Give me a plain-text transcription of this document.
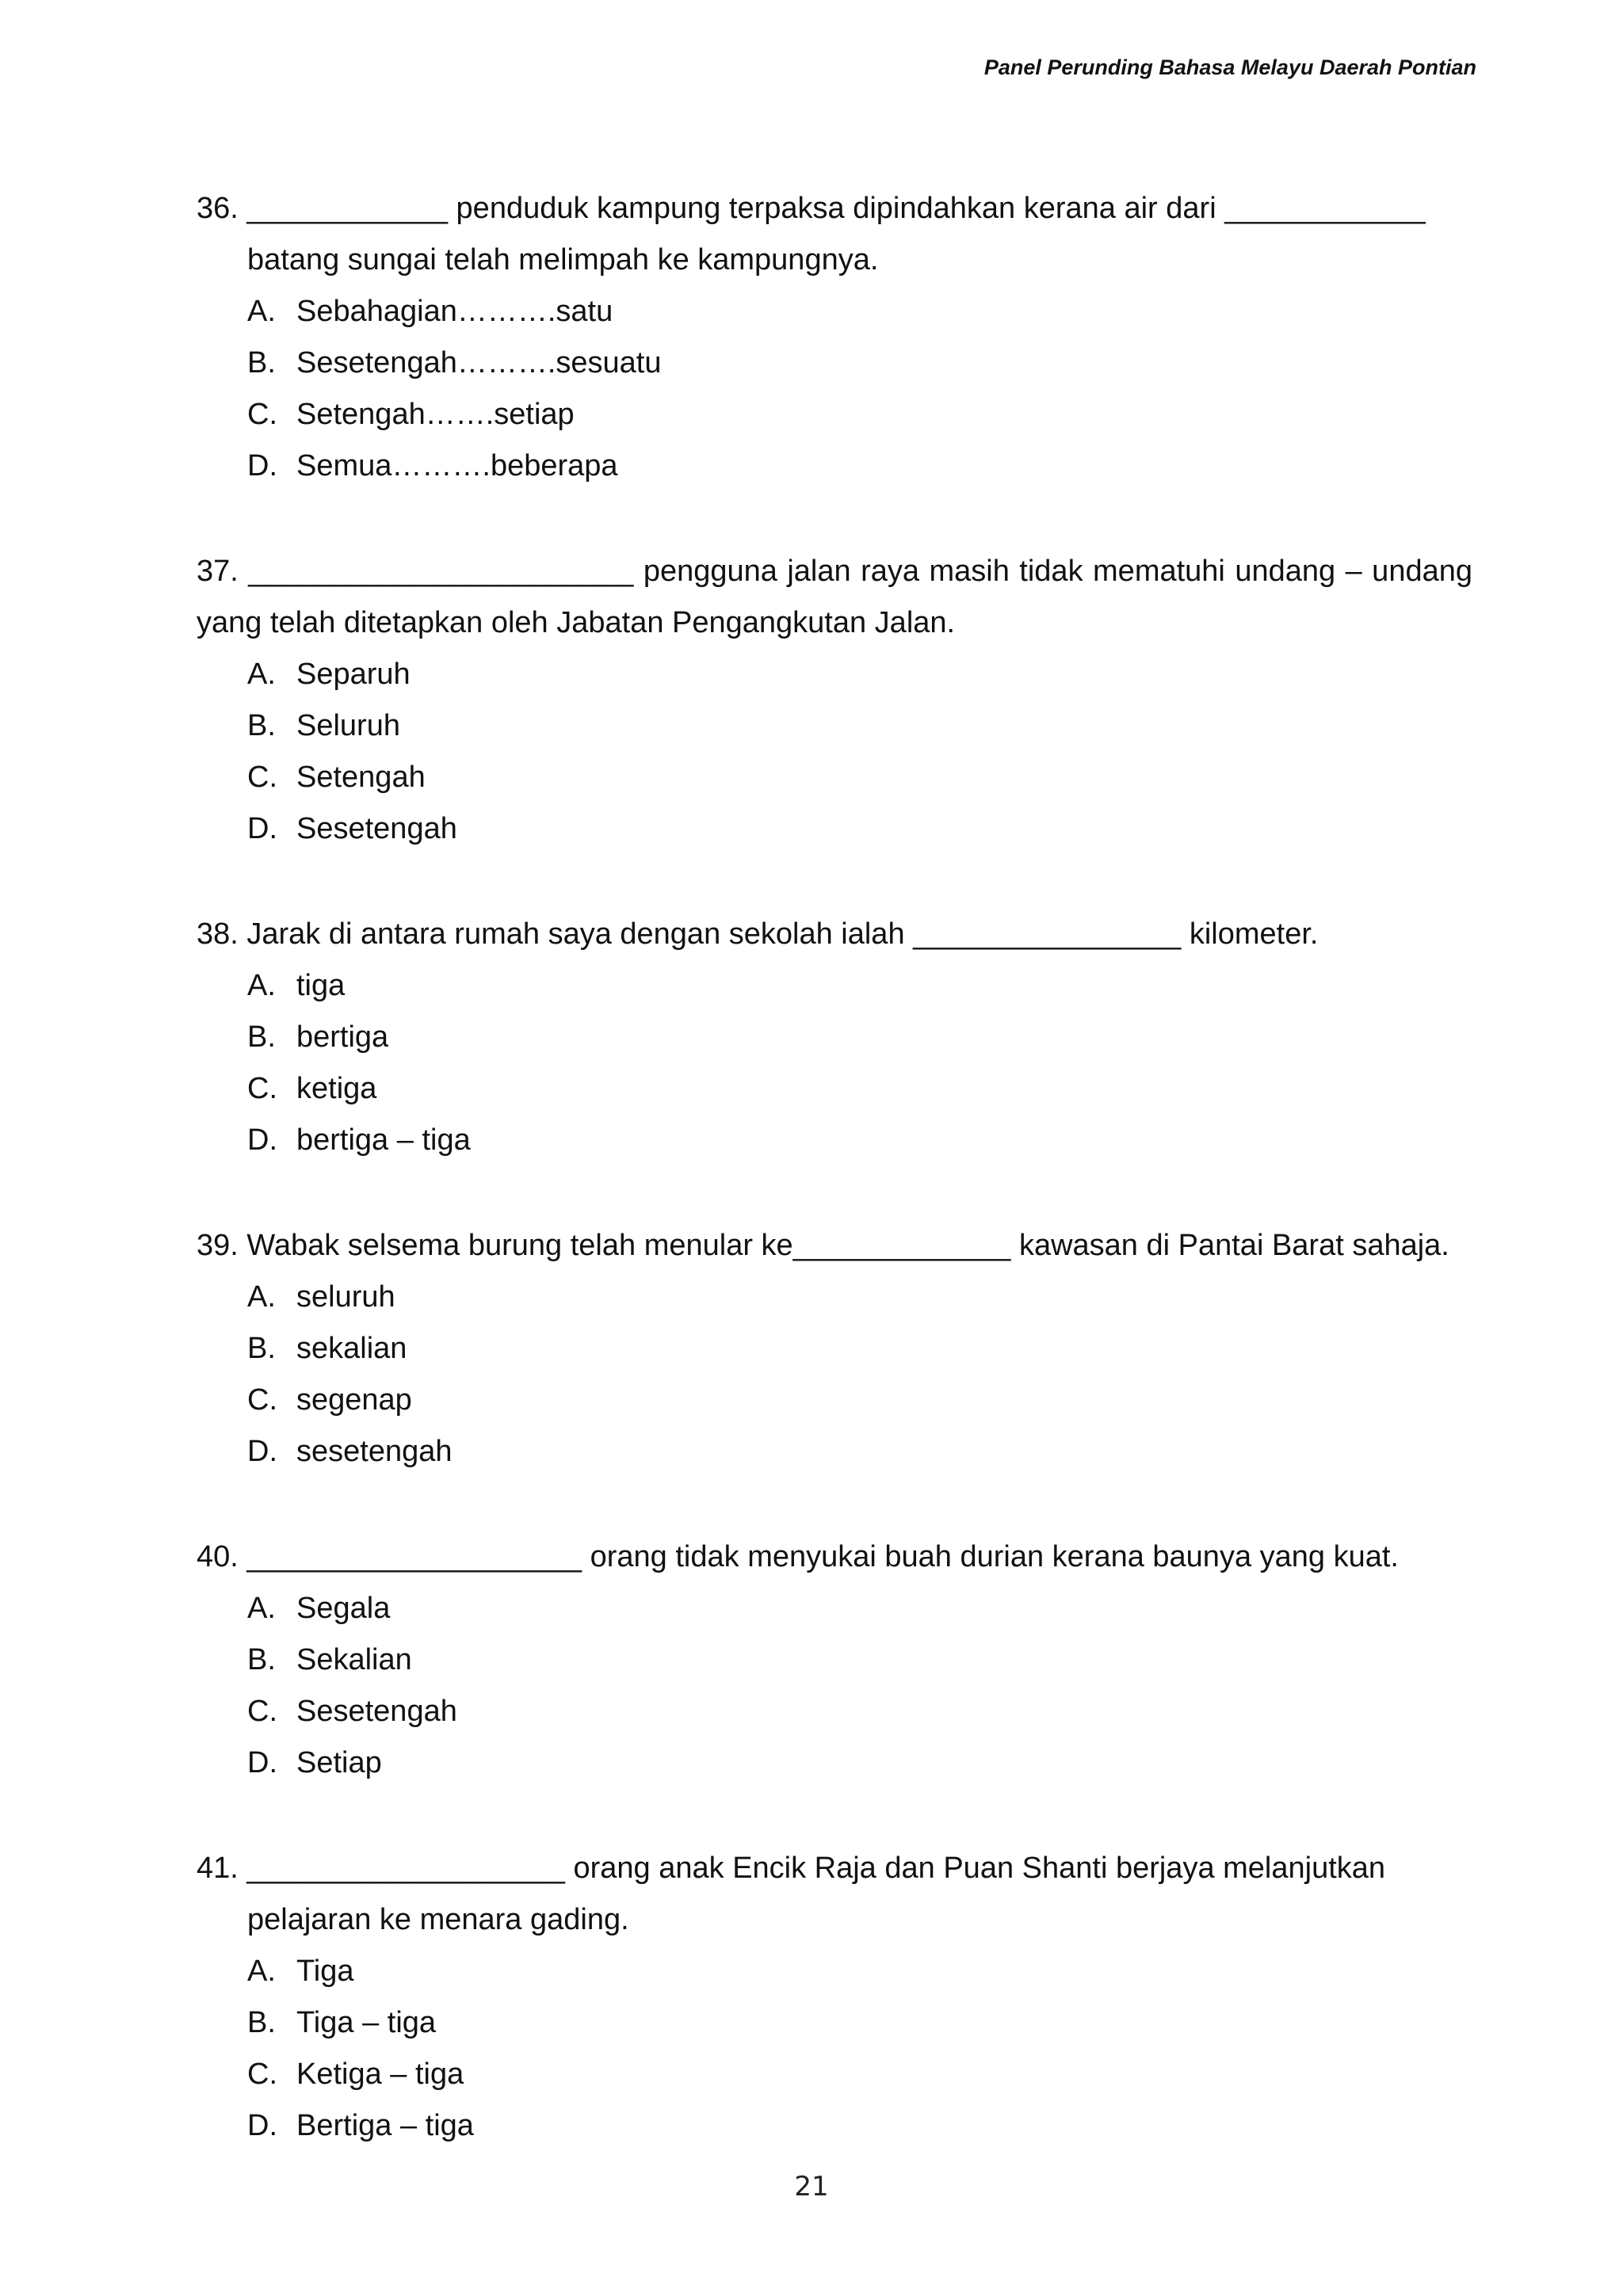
Panel Perunding Bahasa Melayu Daerah Pontian

36. ____________ penduduk kampung terpaksa dipindahkan kerana air dari ____________

batang sungai telah melimpah ke kampungnya.

A. Sebahagian……….satu
B. Sesetengah……….sesuatu
C. Setengah…….setiap
D. Semua……….beberapa

37. _______________________ pengguna jalan raya masih tidak mematuhi undang – undang

yang telah ditetapkan oleh Jabatan Pengangkutan Jalan.

A. Separuh
B. Seluruh
C. Setengah
D. Sesetengah

38. Jarak di antara rumah saya dengan sekolah ialah ________________ kilometer.

A. tiga
B. bertiga
C. ketiga
D. bertiga – tiga

39. Wabak selsema burung telah menular ke_____________ kawasan di Pantai Barat sahaja.

A. seluruh
B. sekalian
C. segenap
D. sesetengah

40. ____________________ orang tidak menyukai buah durian kerana baunya yang kuat.

A. Segala
B. Sekalian
C. Sesetengah
D. Setiap

41. ___________________ orang anak Encik Raja dan Puan Shanti berjaya melanjutkan

pelajaran ke menara gading.

A. Tiga
B. Tiga – tiga
C. Ketiga – tiga
D. Bertiga – tiga
21
